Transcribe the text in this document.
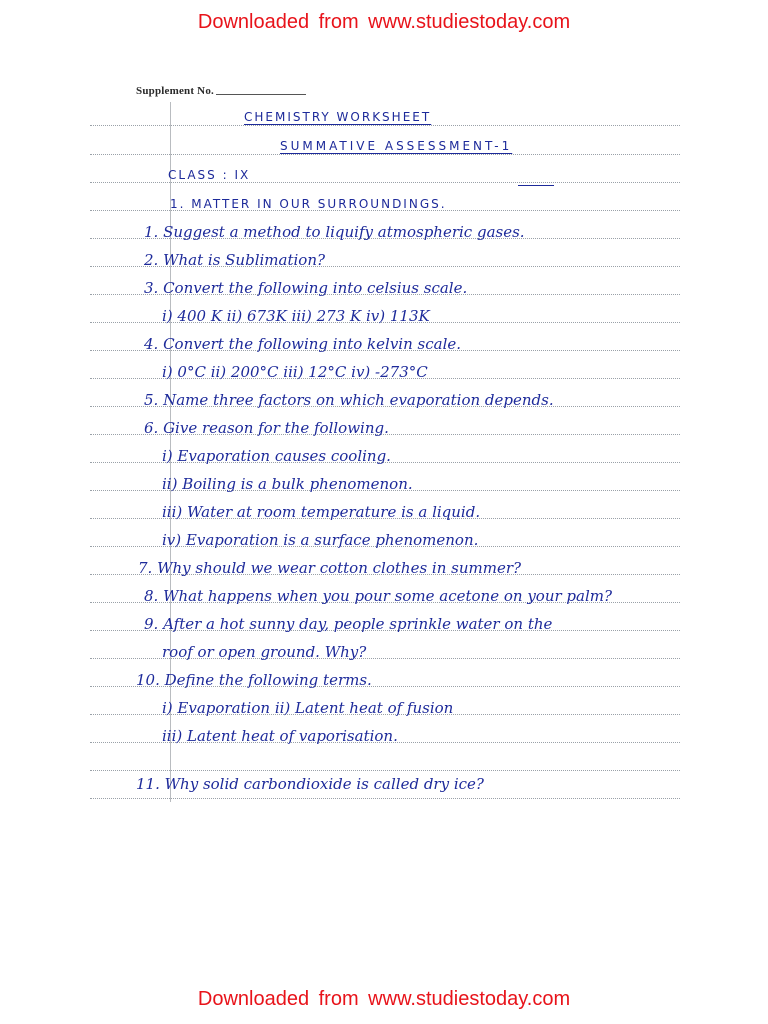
Downloaded from www.studiestoday.com
Supplement No.
CHEMISTRY WORKSHEET
SUMMATIVE ASSESSMENT-1
CLASS : IX
1. MATTER IN OUR SURROUNDINGS.
1. Suggest a method to liquify atmospheric gases.
2. What is Sublimation?
3. Convert the following into celsius scale.
i) 400 K ii) 673K iii) 273 K iv) 113K
4. Convert the following into kelvin scale.
i) 0°C ii) 200°C iii) 12°C iv) -273°C
5. Name three factors on which evaporation depends.
6. Give reason for the following.
i) Evaporation causes cooling.
ii) Boiling is a bulk phenomenon.
iii) Water at room temperature is a liquid.
iv) Evaporation is a surface phenomenon.
7. Why should we wear cotton clothes in summer?
8. What happens when you pour some acetone on your palm?
9. After a hot sunny day, people sprinkle water on the
roof or open ground. Why?
10. Define the following terms.
i) Evaporation ii) Latent heat of fusion
iii) Latent heat of vaporisation.
11. Why solid carbondioxide is called dry ice?
Downloaded from www.studiestoday.com
